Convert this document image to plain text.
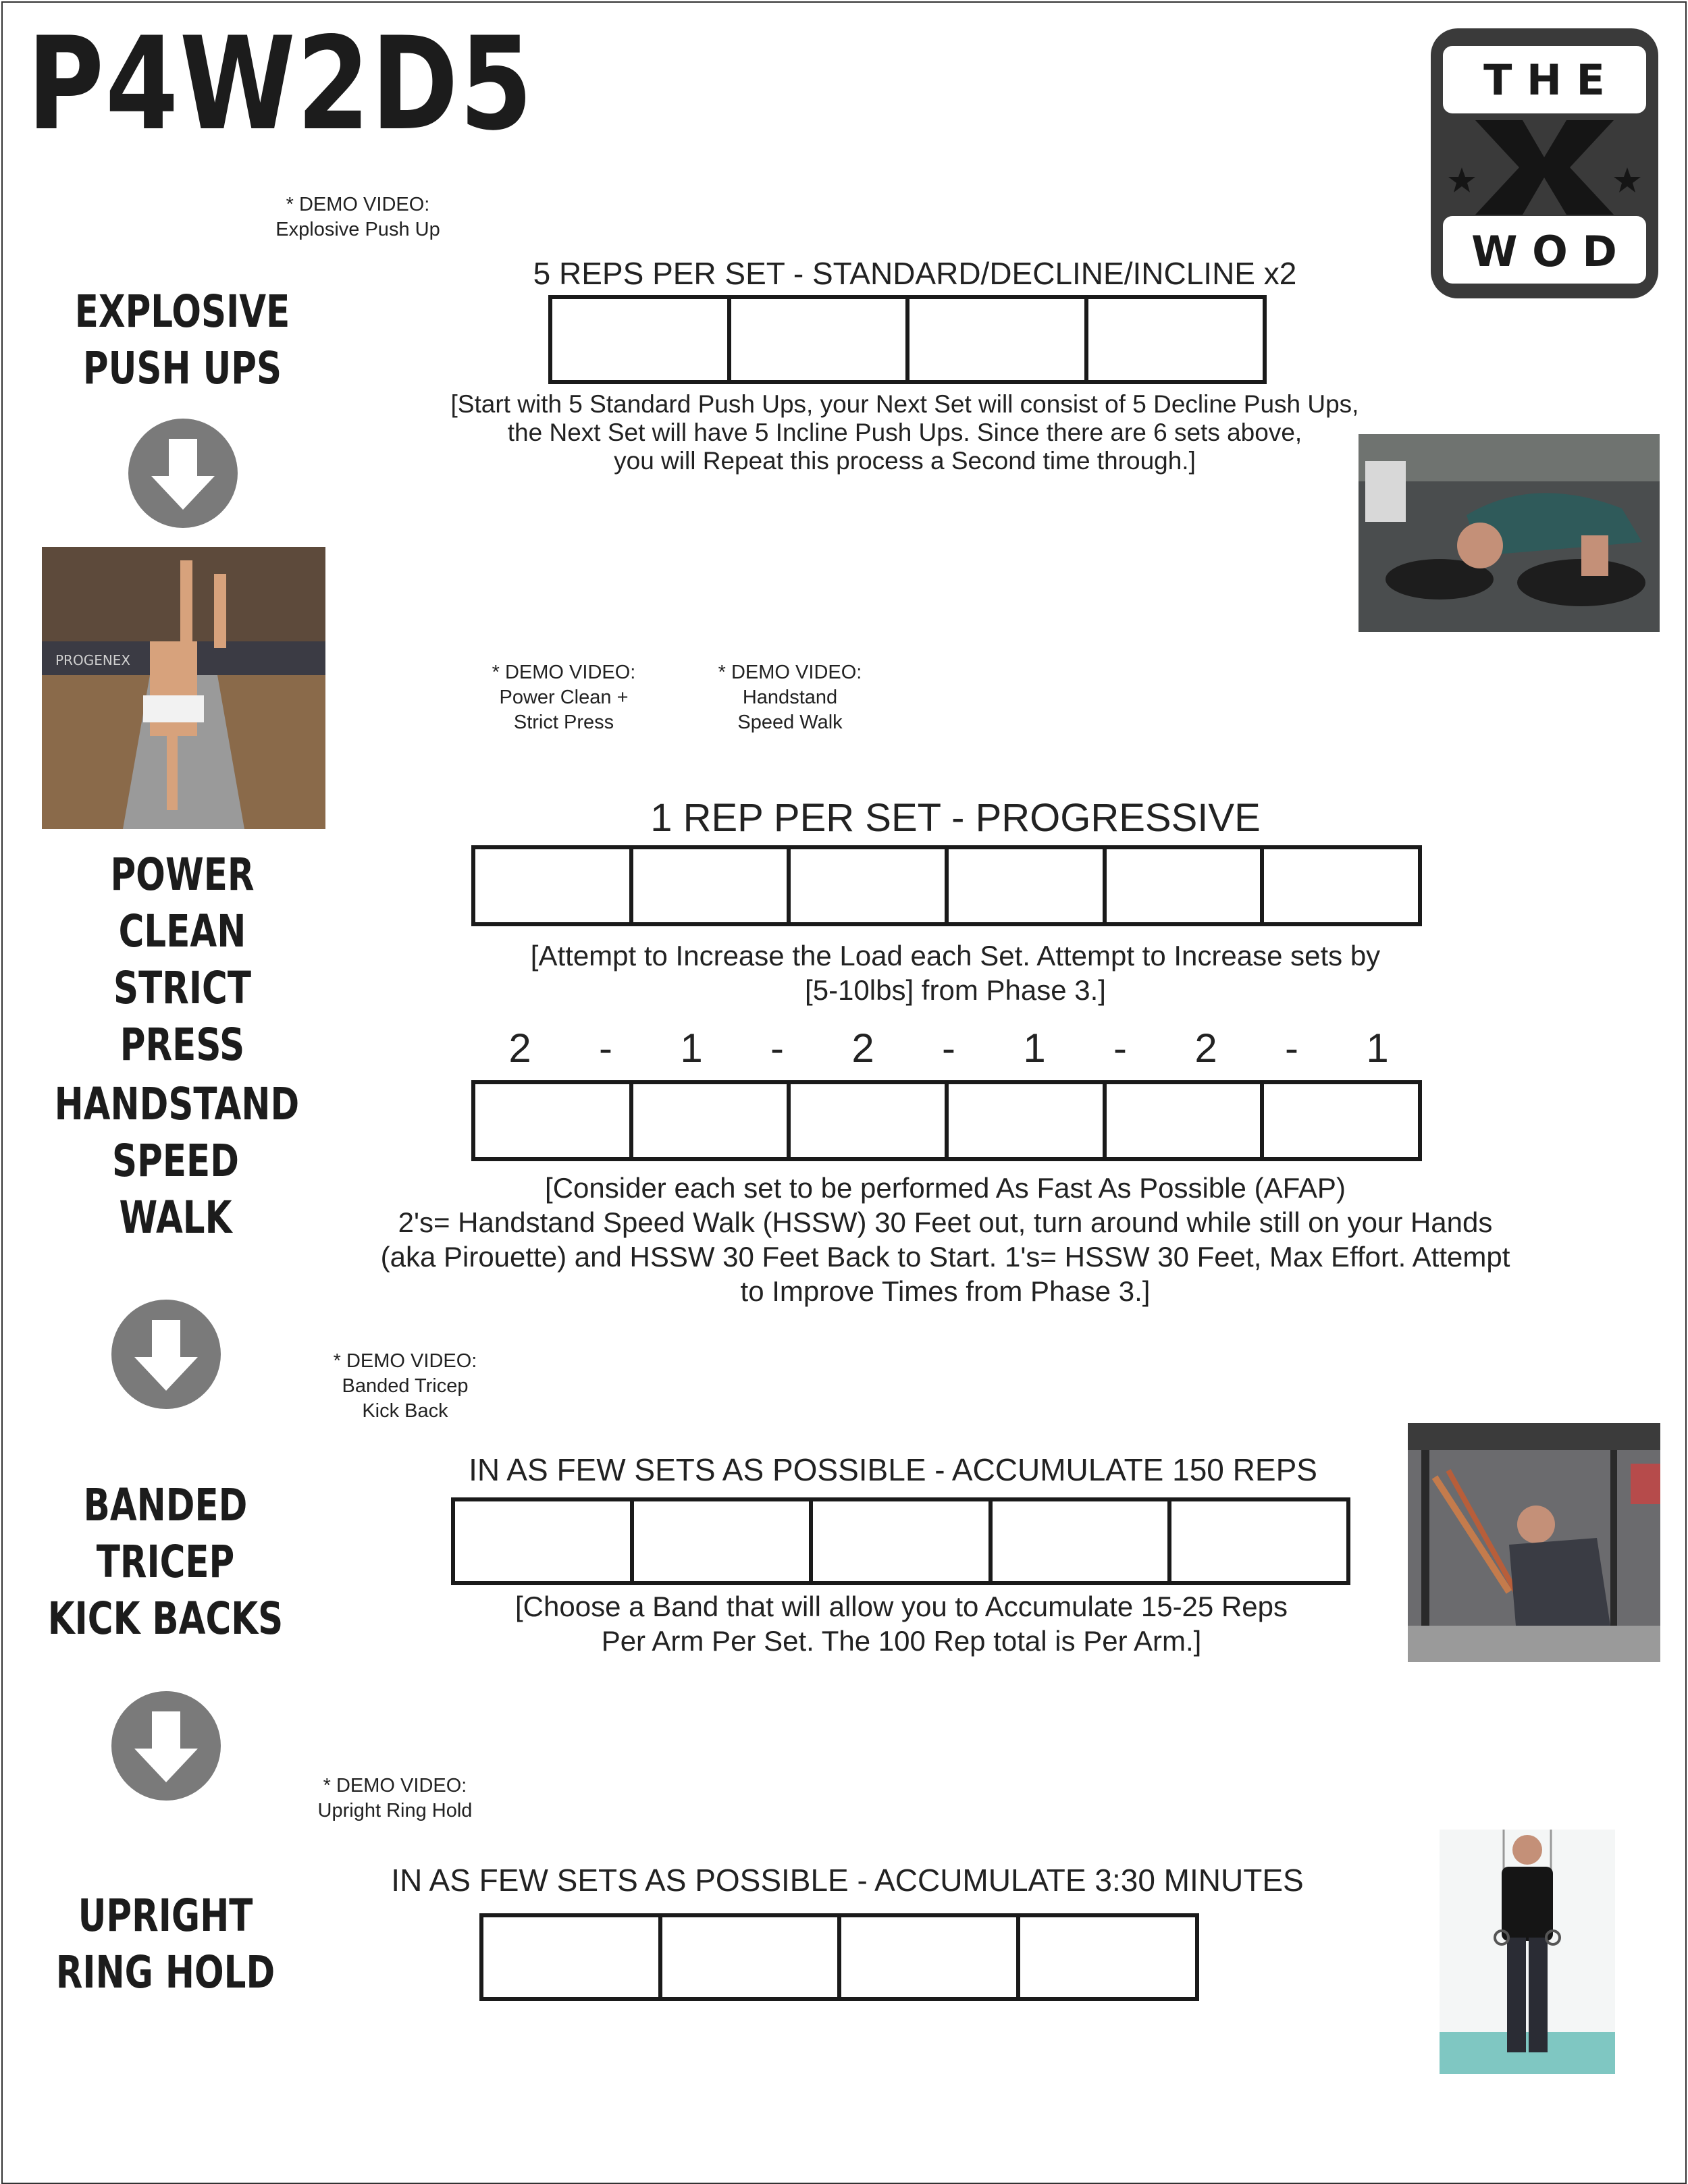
P4W2D5	T H E
W O D
* DEMO VIDEO:
Explosive Push Up
5 REPS PER SET - STANDARD/DECLINE/INCLINE x2
EXPLOSIVE
PUSH UPS
[Start with 5 Standard Push Ups, your Next Set will consist of 5 Decline Push Ups,
the Next Set will have 5 Incline Push Ups. Since there are 6 sets above,
you will Repeat this process a Second time through.]
PROGENEX
* DEMO VIDEO:
Power Clean +
Strict Press
1 REP PER SET - PROGRESSIVE
POWER CLEAN
STRICT PRESS
[Attempt to Increase the Load each Set. Attempt to Increase sets by
[5-10lbs] from Phase 3.]
* DEMO VIDEO:
Handstand
Speed Walk
2	-	1	-	2	-	1	-	2	-	1
HANDSTAND
SPEED WALK
[Consider each set to be performed As Fast As Possible (AFAP)
2's= Handstand Speed Walk (HSSW) 30 Feet out, turn around while still on your Hands
(aka Pirouette) and HSSW 30 Feet Back to Start. 1's= HSSW 30 Feet, Max Effort. Attempt
to Improve Times from Phase 3.]
* DEMO VIDEO:
Banded Tricep
Kick Back
IN AS FEW SETS AS POSSIBLE - ACCUMULATE 150 REPS
BANDED TRICEP
KICK BACKS	[Choose a Band that will allow you to Accumulate 15-25 Reps
Per Arm Per Set. The 100 Rep total is Per Arm.]
* DEMO VIDEO:
Upright Ring Hold
IN AS FEW SETS AS POSSIBLE - ACCUMULATE 3:30 MINUTES
UPRIGHT
RING HOLD
